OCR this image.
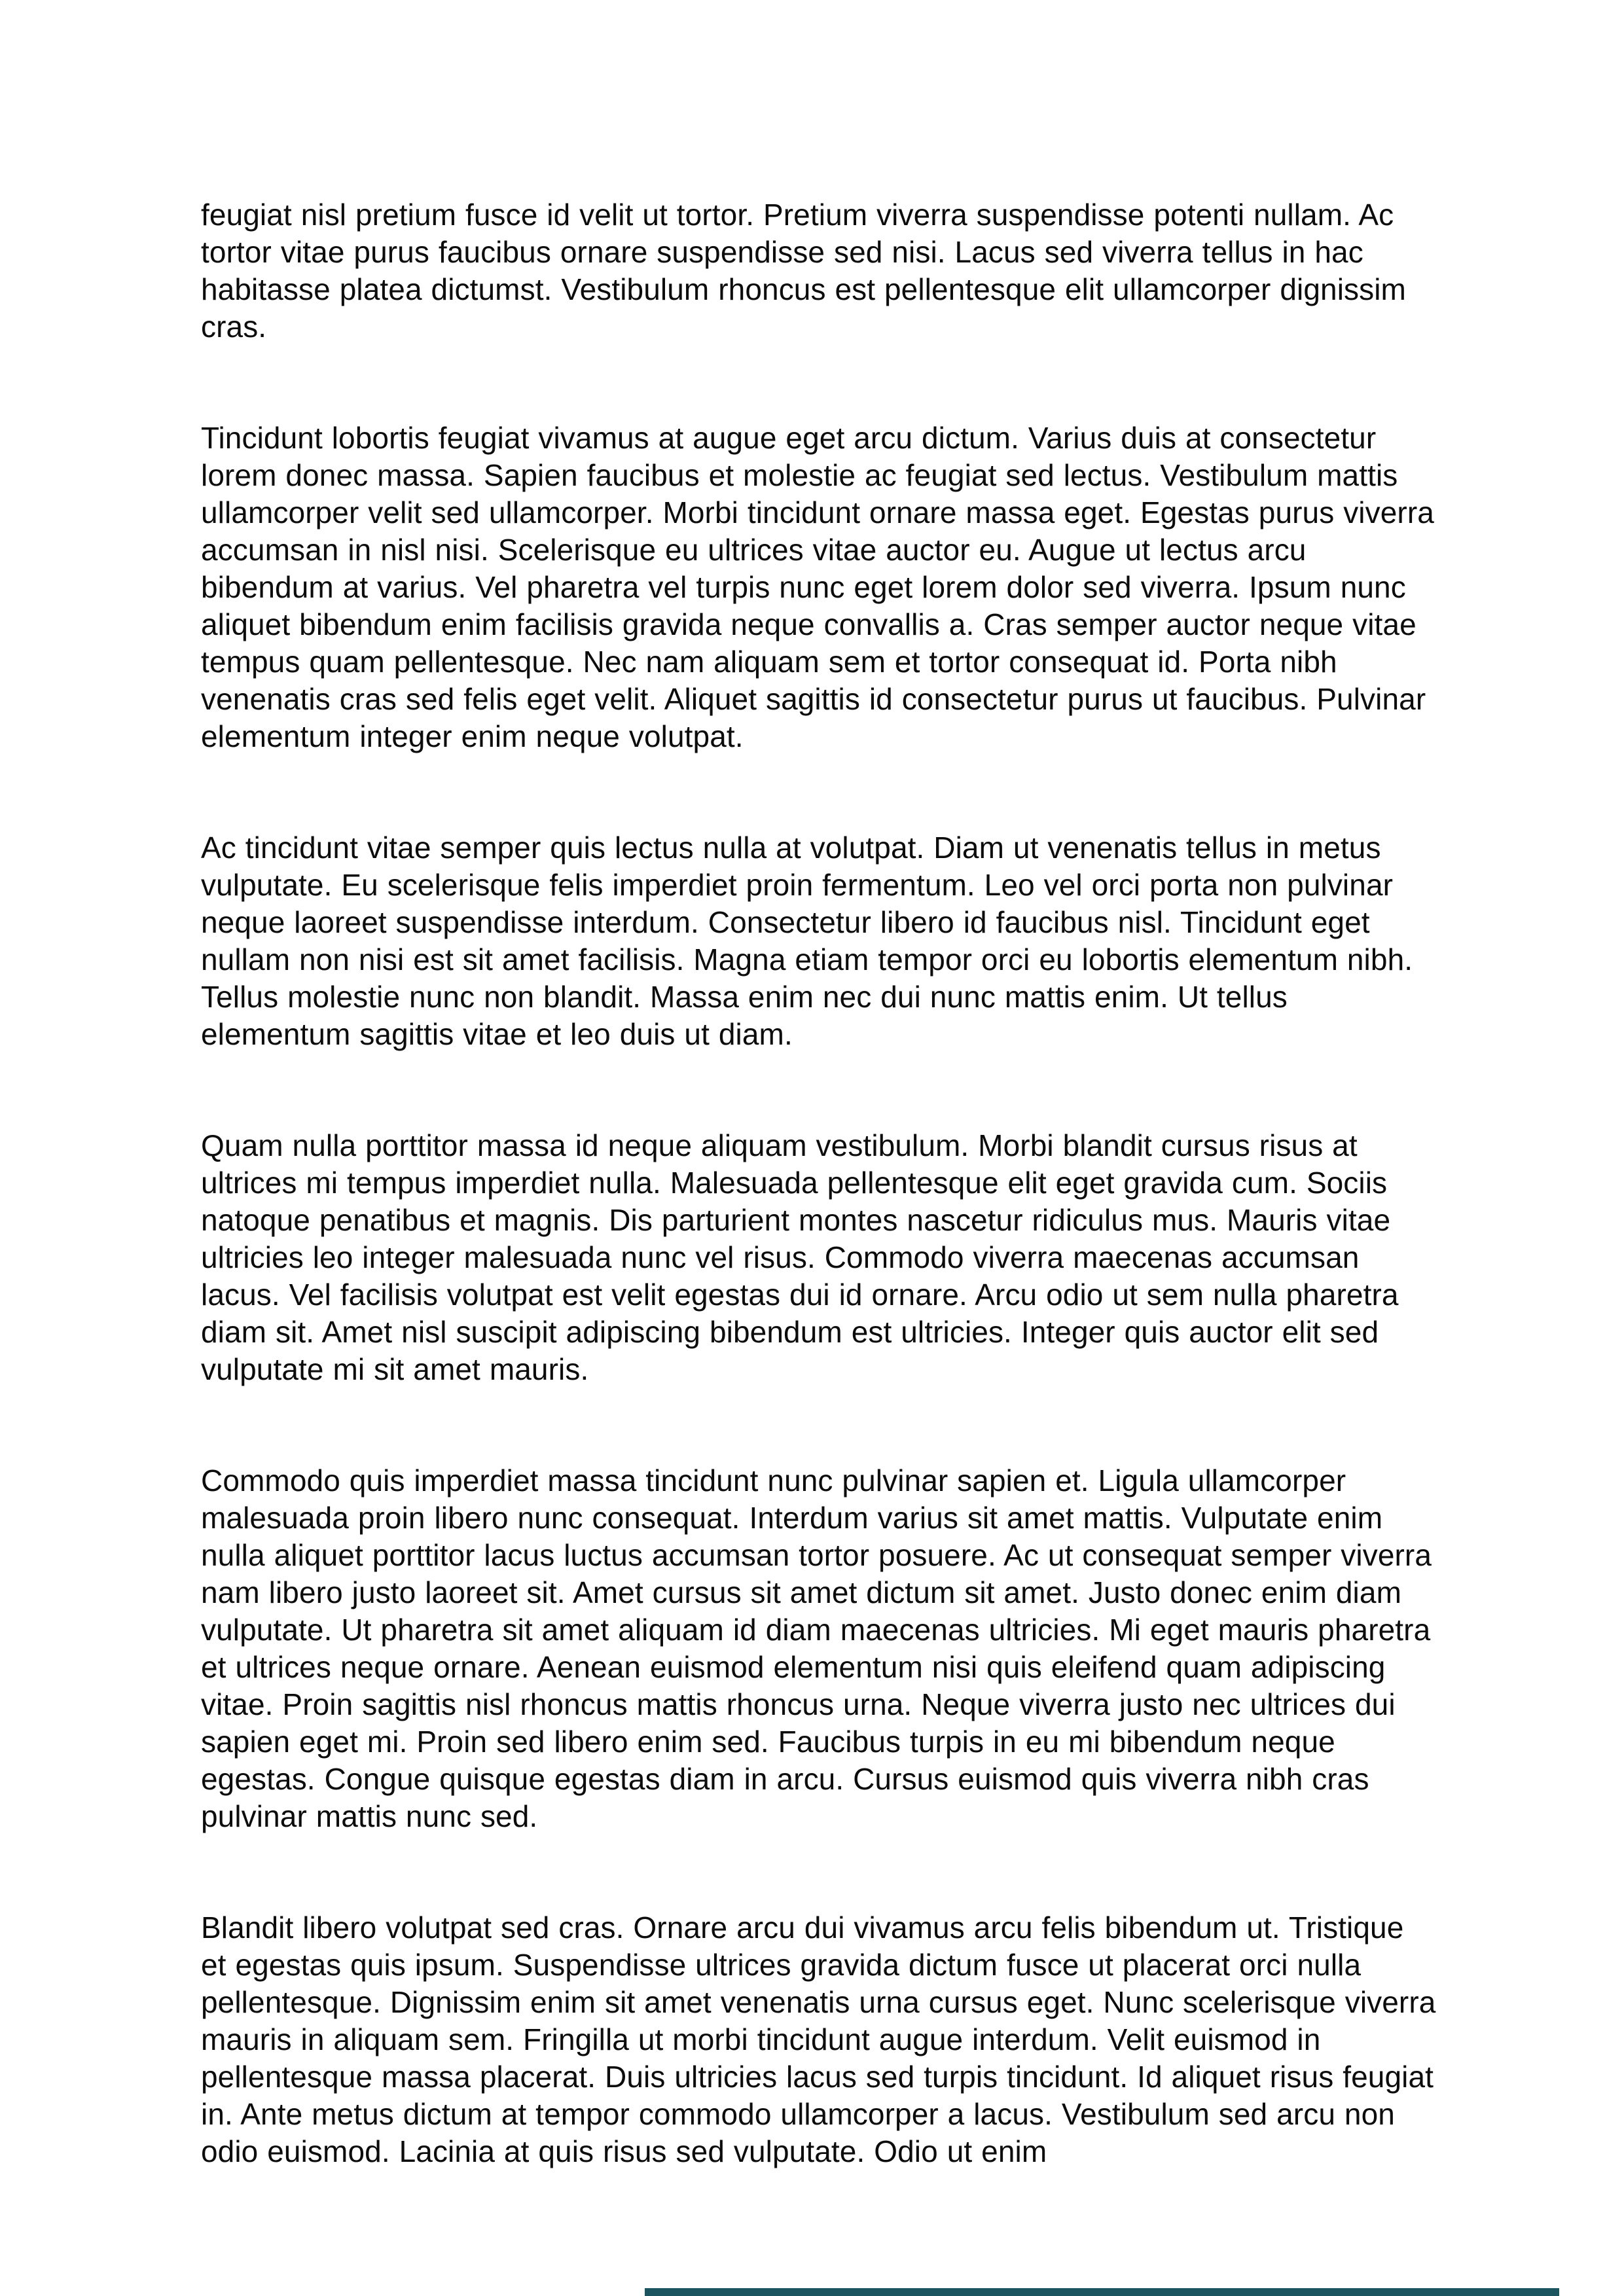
feugiat nisl pretium fusce id velit ut tortor. Pretium viverra suspendisse potenti nullam. Ac tortor vitae purus faucibus ornare suspendisse sed nisi. Lacus sed viverra tellus in hac habitasse platea dictumst. Vestibulum rhoncus est pellentesque elit ullamcorper dignissim cras.

Tincidunt lobortis feugiat vivamus at augue eget arcu dictum. Varius duis at consectetur lorem donec massa. Sapien faucibus et molestie ac feugiat sed lectus. Vestibulum mattis ullamcorper velit sed ullamcorper. Morbi tincidunt ornare massa eget. Egestas purus viverra accumsan in nisl nisi. Scelerisque eu ultrices vitae auctor eu. Augue ut lectus arcu bibendum at varius. Vel pharetra vel turpis nunc eget lorem dolor sed viverra. Ipsum nunc aliquet bibendum enim facilisis gravida neque convallis a. Cras semper auctor neque vitae tempus quam pellentesque. Nec nam aliquam sem et tortor consequat id. Porta nibh venenatis cras sed felis eget velit. Aliquet sagittis id consectetur purus ut faucibus. Pulvinar elementum integer enim neque volutpat.

Ac tincidunt vitae semper quis lectus nulla at volutpat. Diam ut venenatis tellus in metus vulputate. Eu scelerisque felis imperdiet proin fermentum. Leo vel orci porta non pulvinar neque laoreet suspendisse interdum. Consectetur libero id faucibus nisl. Tincidunt eget nullam non nisi est sit amet facilisis. Magna etiam tempor orci eu lobortis elementum nibh. Tellus molestie nunc non blandit. Massa enim nec dui nunc mattis enim. Ut tellus elementum sagittis vitae et leo duis ut diam.

Quam nulla porttitor massa id neque aliquam vestibulum. Morbi blandit cursus risus at ultrices mi tempus imperdiet nulla. Malesuada pellentesque elit eget gravida cum. Sociis natoque penatibus et magnis. Dis parturient montes nascetur ridiculus mus. Mauris vitae ultricies leo integer malesuada nunc vel risus. Commodo viverra maecenas accumsan lacus. Vel facilisis volutpat est velit egestas dui id ornare. Arcu odio ut sem nulla pharetra diam sit. Amet nisl suscipit adipiscing bibendum est ultricies. Integer quis auctor elit sed vulputate mi sit amet mauris.

Commodo quis imperdiet massa tincidunt nunc pulvinar sapien et. Ligula ullamcorper malesuada proin libero nunc consequat. Interdum varius sit amet mattis. Vulputate enim nulla aliquet porttitor lacus luctus accumsan tortor posuere. Ac ut consequat semper viverra nam libero justo laoreet sit. Amet cursus sit amet dictum sit amet. Justo donec enim diam vulputate. Ut pharetra sit amet aliquam id diam maecenas ultricies. Mi eget mauris pharetra et ultrices neque ornare. Aenean euismod elementum nisi quis eleifend quam adipiscing vitae. Proin sagittis nisl rhoncus mattis rhoncus urna. Neque viverra justo nec ultrices dui sapien eget mi. Proin sed libero enim sed. Faucibus turpis in eu mi bibendum neque egestas. Congue quisque egestas diam in arcu. Cursus euismod quis viverra nibh cras pulvinar mattis nunc sed.

Blandit libero volutpat sed cras. Ornare arcu dui vivamus arcu felis bibendum ut. Tristique et egestas quis ipsum. Suspendisse ultrices gravida dictum fusce ut placerat orci nulla pellentesque. Dignissim enim sit amet venenatis urna cursus eget. Nunc scelerisque viverra mauris in aliquam sem. Fringilla ut morbi tincidunt augue interdum. Velit euismod in pellentesque massa placerat. Duis ultricies lacus sed turpis tincidunt. Id aliquet risus feugiat in. Ante metus dictum at tempor commodo ullamcorper a lacus. Vestibulum sed arcu non odio euismod. Lacinia at quis risus sed vulputate. Odio ut enim
